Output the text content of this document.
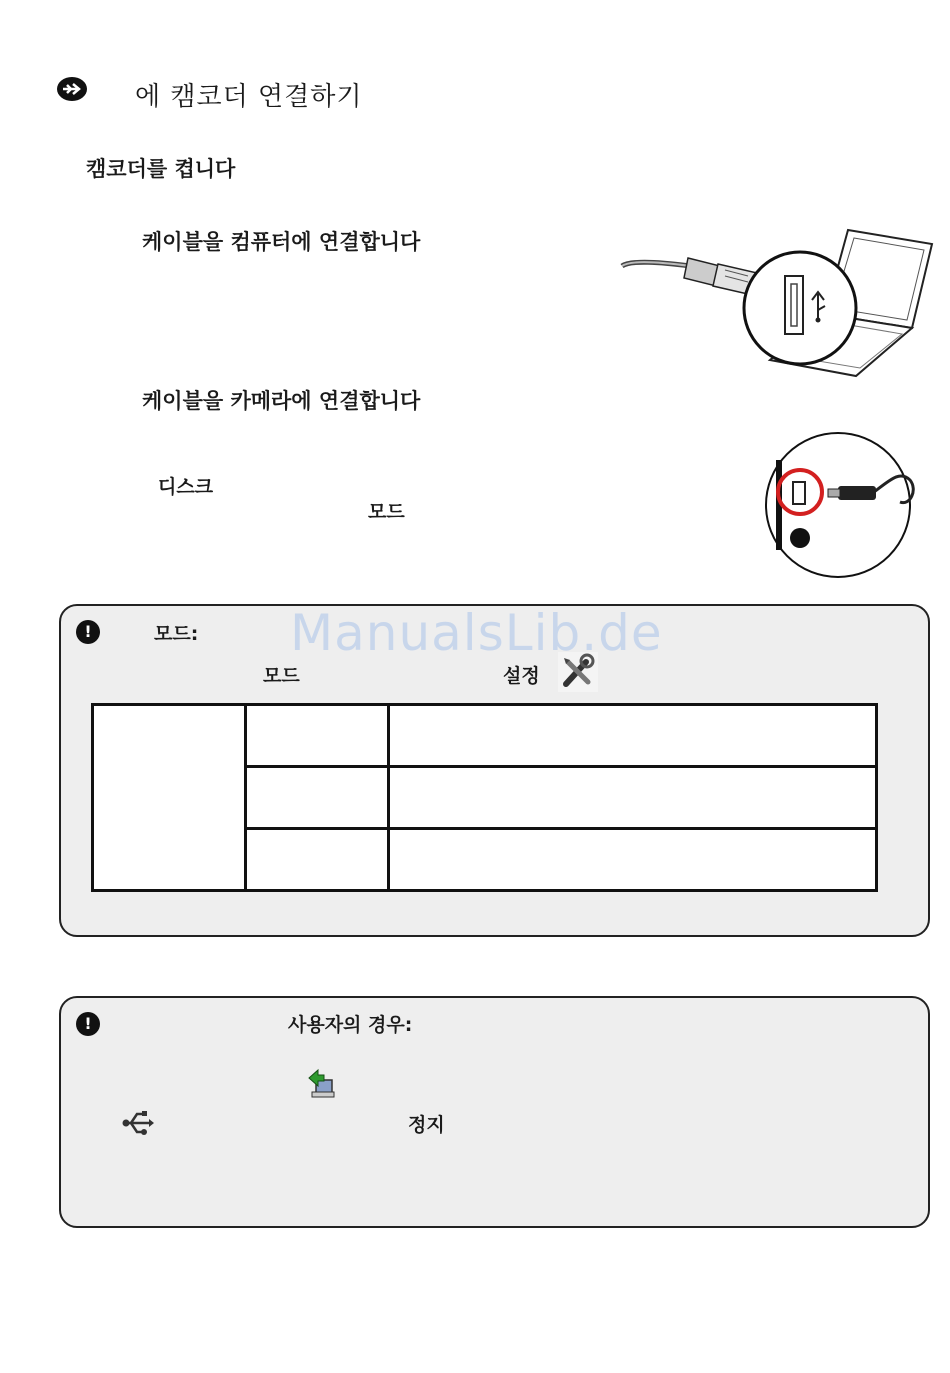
에 캠코더 연결하기
캠코더를 켭니다
케이블을 컴퓨터에 연결합니다
케이블을 카메라에 연결합니다
디스크
모드
!	모드:
모드	설정

ManualsLib.de
!	사용자의 경우:
정지
